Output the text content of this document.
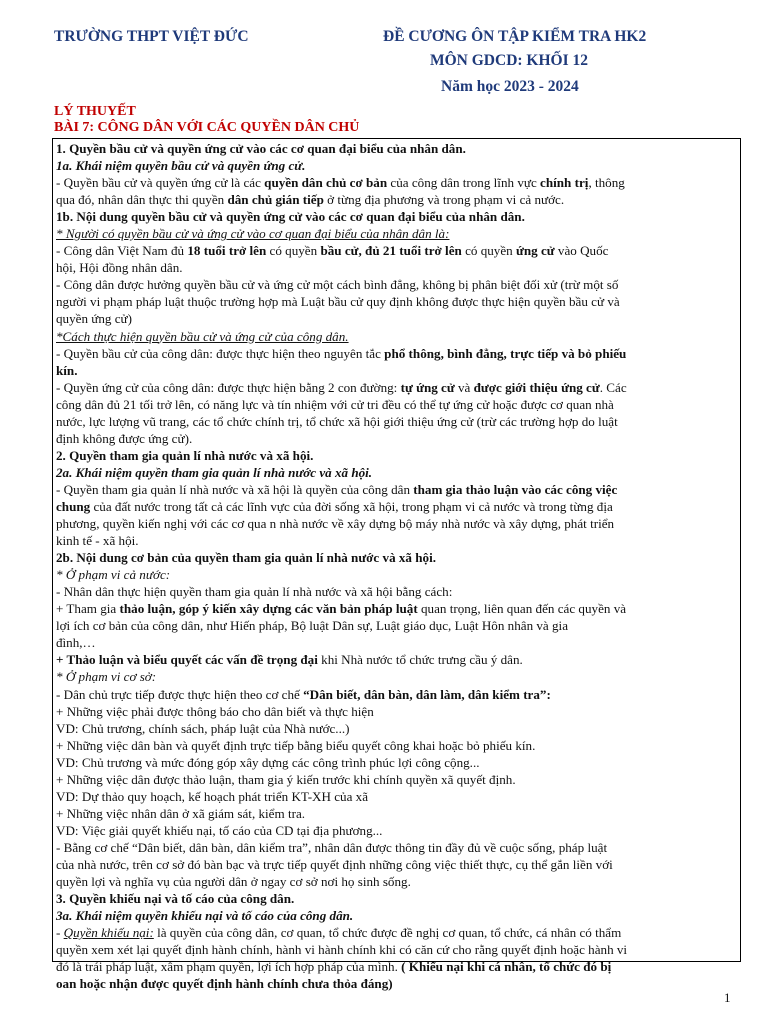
TRƯỜNG THPT VIỆT ĐỨC	ĐỀ CƯƠNG ÔN TẬP KIỂM TRA HK2
MÔN GDCD: KHỐI 12
Năm học 2023 - 2024
LÝ THUYẾT
BÀI 7: CÔNG DÂN VỚI CÁC QUYỀN DÂN CHỦ
1. Quyền bầu cử và quyền ứng cử vào các cơ quan đại biểu của nhân dân.
1a. Khái niệm quyền bầu cử và quyền ứng cử.
- Quyền bầu cử và quyền ứng cử là các quyền dân chủ cơ bản của công dân trong lĩnh vực chính trị, thông
qua đó, nhân dân thực thi quyền dân chủ gián tiếp ở từng địa phương và trong phạm vi cả nước.
1b. Nội dung quyền bầu cử và quyền ứng cử vào các cơ quan đại biểu của nhân dân.
* Người có quyền bầu cử và ứng cử vào cơ quan đại biểu của nhân dân là:
- Công dân Việt Nam đủ 18 tuổi trở lên có quyền bầu cử, đủ 21 tuổi trở lên có quyền ứng cử vào Quốc
hội, Hội đồng nhân dân.
- Công dân được hưởng quyền bầu cử và ứng cử một cách bình đẳng, không bị phân biệt đối xử (trừ một số
người vi phạm pháp luật thuộc trường hợp mà Luật bầu cử quy định không được thực hiện quyền bầu cử và
quyền ứng cử)
*Cách thực hiện quyền bầu cử và ứng cử của công dân.
- Quyền bầu cử của công dân: được thực hiện theo nguyên tắc phổ thông, bình đẳng, trực tiếp và bỏ phiếu
kín.
- Quyền ứng cử của công dân: được thực hiện bằng 2 con đường: tự ứng cử và được giới thiệu ứng cử. Các
công dân đủ 21 tối trở lên, có năng lực và tín nhiệm với cử tri đều có thể tự ứng cử hoặc được cơ quan nhà
nước, lực lượng vũ trang, các tổ chức chính trị, tổ chức xã hội giới thiệu ứng cử (trừ các trường hợp do luật
định không được ứng cử).
2. Quyền tham gia quản lí nhà nước và xã hội.
2a. Khái niệm quyền tham gia quản lí nhà nước và xã hội.
- Quyền tham gia quản lí nhà nước và xã hội là quyền của công dân tham gia thảo luận vào các công việc
chung của đất nước trong tất cả các lĩnh vực của đời sống xã hội, trong phạm vi cả nước và trong từng địa
phương, quyền kiến nghị với các cơ qua n nhà nước về xây dựng bộ máy nhà nước và xây dựng, phát triển
kinh tế - xã hội.
2b. Nội dung cơ bản của quyền tham gia quản lí nhà nước và xã hội.
* Ở phạm vi cả nước:
- Nhân dân thực hiện quyền tham gia quản lí nhà nước và xã hội bằng cách:
+ Tham gia thảo luận, góp ý kiến xây dựng các văn bản pháp luật quan trọng, liên quan đến các quyền và
lợi ích cơ bản của công dân, như Hiến pháp, Bộ luật Dân sự, Luật giáo dục, Luật Hôn nhân và gia
đình,…
+ Thảo luận và biểu quyết các vấn đề trọng đại khi Nhà nước tổ chức trưng cầu ý dân.
* Ở phạm vi cơ sở:
- Dân chủ trực tiếp được thực hiện theo cơ chế “Dân biết, dân bàn, dân làm, dân kiểm tra”:
+ Những việc phải được thông báo cho dân biết và thực hiện
VD: Chủ trương, chính sách, pháp luật của Nhà nước...)
+ Những việc dân bàn và quyết định trực tiếp bằng biểu quyết công khai hoặc bỏ phiếu kín.
VD: Chủ trương và mức đóng góp xây dựng các công trình phúc lợi công cộng...
+ Những việc dân được thảo luận, tham gia ý kiến trước khi chính quyền xã quyết định.
VD: Dự thảo quy hoạch, kế hoạch phát triển KT-XH của xã
+ Những việc nhân dân ở xã giám sát, kiểm tra.
VD: Việc giải quyết khiếu nại, tố cáo của CD tại địa phương...
- Bằng cơ chế “Dân biết, dân bàn, dân kiểm tra”, nhân dân được thông tin đầy đủ về cuộc sống, pháp luật
của nhà nước, trên cơ sở đó bàn bạc và trực tiếp quyết định những công việc thiết thực, cụ thể gắn liền với
quyền lợi và nghĩa vụ của người dân ở ngay cơ sở nơi họ sinh sống.
3. Quyền khiếu nại và tố cáo của công dân.
3a. Khái niệm quyền khiếu nại và tố cáo của công dân.
- Quyền khiếu nại: là quyền của công dân, cơ quan, tổ chức được đề nghị cơ quan, tổ chức, cá nhân có thẩm
quyền xem xét lại quyết định hành chính, hành vi hành chính khi có căn cứ cho rằng quyết định hoặc hành vi
đó là trái pháp luật, xâm phạm quyền, lợi ích hợp pháp của mình. ( Khiếu nại khi cá nhân, tổ chức đó bị
oan hoặc nhận được quyết định hành chính chưa thỏa đáng)
1
